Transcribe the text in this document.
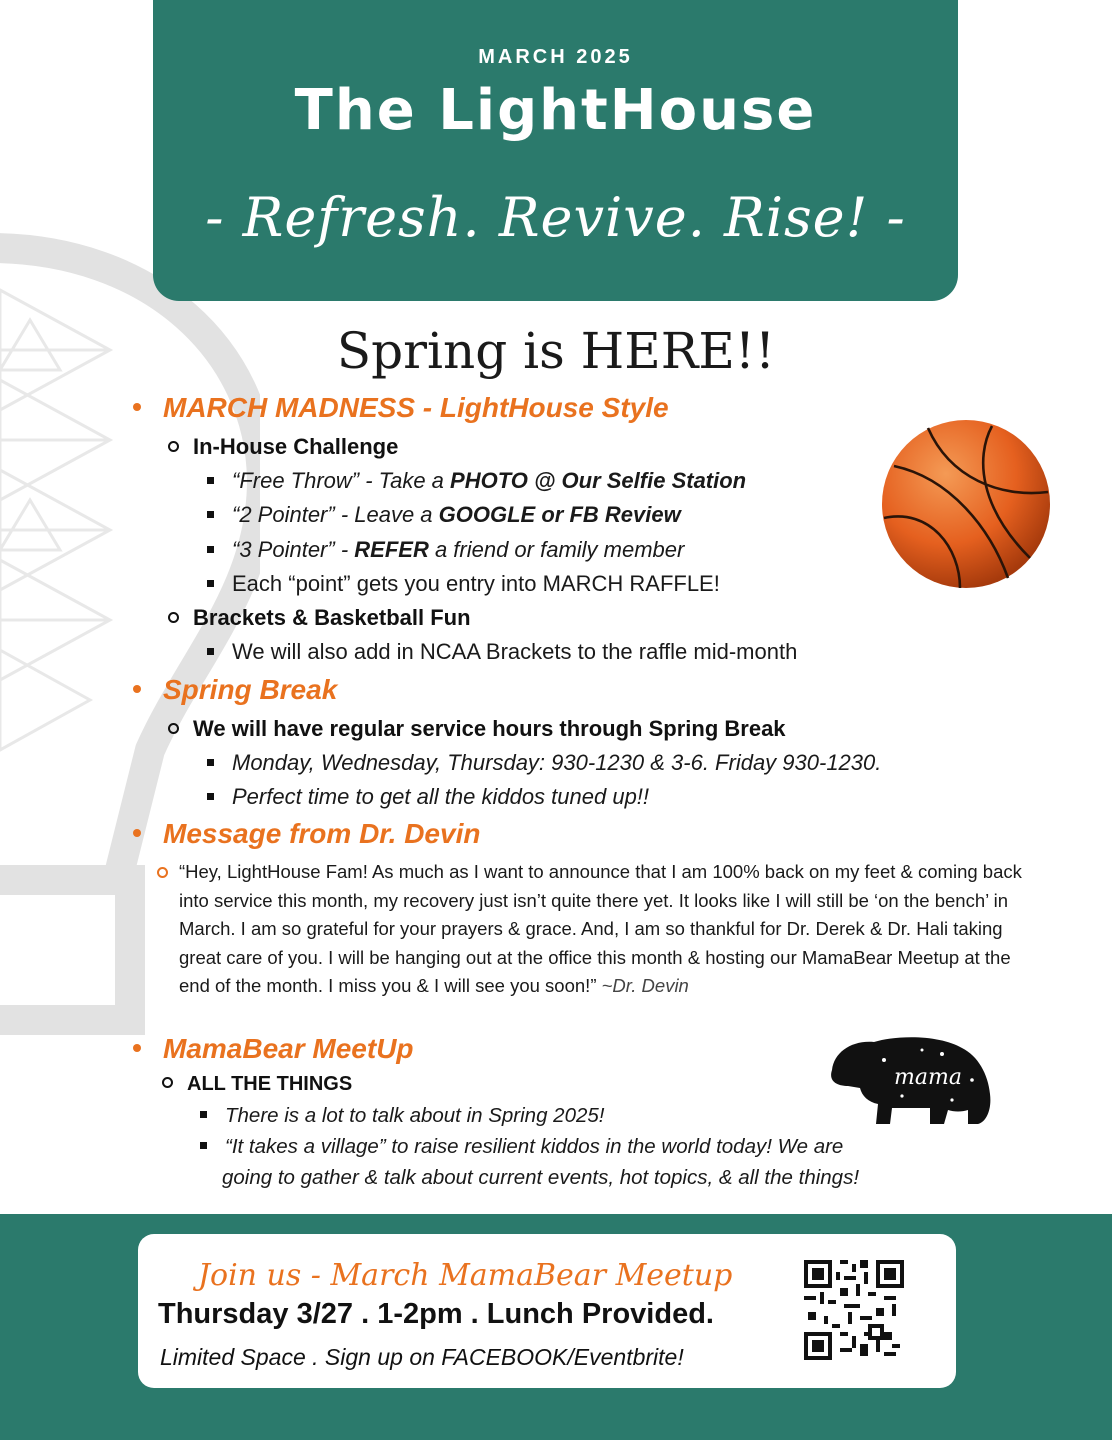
MARCH 2025
The LightHouse
- Refresh. Revive. Rise! -
Spring is HERE!!
MARCH MADNESS - LightHouse Style
In-House Challenge
“Free Throw” - Take a PHOTO @ Our Selfie Station
“2 Pointer” - Leave a GOOGLE or FB Review
“3 Pointer” - REFER a friend or family member
Each “point” gets you entry into MARCH RAFFLE!
Brackets & Basketball Fun
We will also add in NCAA Brackets to the raffle mid-month
Spring Break
We will have regular service hours through Spring Break
Monday, Wednesday, Thursday: 930-1230 & 3-6. Friday 930-1230.
Perfect time to get all the kiddos tuned up!!
Message from Dr. Devin
“Hey, LightHouse Fam! As much as I want to announce that I am 100% back on my feet & coming back into service this month, my recovery just isn’t quite there yet. It looks like I will still be ‘on the bench’ in March. I am so grateful for your prayers & grace. And, I am so thankful for Dr. Derek & Dr. Hali taking great care of you. I will be hanging out at the office this month & hosting our MamaBear Meetup at the end of the month. I miss you & I will see you soon!” ~Dr. Devin
MamaBear MeetUp
ALL THE THINGS
There is a lot to talk about in Spring 2025!
“It takes a village” to raise resilient kiddos in the world today! We are
going to gather & talk about current events, hot topics, & all the things!
mama
Join us - March MamaBear Meetup
Thursday 3/27 . 1-2pm . Lunch Provided.
Limited Space . Sign up on FACEBOOK/Eventbrite!
